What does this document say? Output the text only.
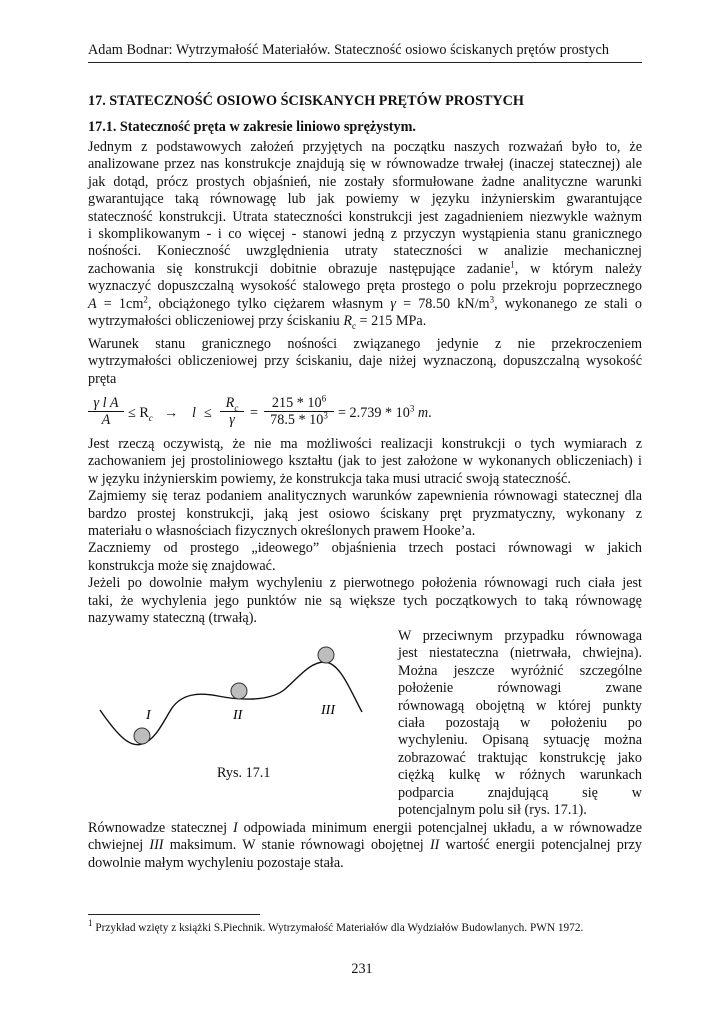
Adam Bodnar: Wytrzymałość Materiałów. Stateczność osiowo ściskanych prętów prostych
17. STATECZNOŚĆ OSIOWO ŚCISKANYCH PRĘTÓW PROSTYCH
17.1. Stateczność pręta w zakresie liniowo sprężystym.
Jednym z podstawowych założeń przyjętych na początku naszych rozważań było to, że
analizowane przez nas konstrukcje znajdują się w równowadze trwałej (inaczej statecznej) ale
jak dotąd, prócz prostych objaśnień, nie zostały sformułowane żadne analityczne warunki
gwarantujące taką równowagę lub jak powiemy w języku inżynierskim gwarantujące
stateczność konstrukcji. Utrata stateczności konstrukcji jest zagadnieniem niezwykle ważnym
i skomplikowanym - i co więcej - stanowi jedną z przyczyn wystąpienia stanu granicznego
nośności. Konieczność uwzględnienia utraty stateczności w analizie mechanicznej
zachowania się konstrukcji dobitnie obrazuje następujące zadanie$^1$, w którym należy
wyznaczyć dopuszczalną wysokość stalowego pręta prostego o polu przekroju poprzecznego
$A = 1cm^2$, obciążonego tylko ciężarem własnym γ = 78.50 $kN/m^3$, wykonanego ze stali o
wytrzymałości obliczeniowej przy ściskaniu $R_c = 215$ MPa.
Warunek stanu granicznego nośności związanego jedynie z nie przekroczeniem
wytrzymałości obliczeniowej przy ściskaniu, daje niżej wyznaczoną, dopuszczalną wysokość
pręta
$\frac{\text{γ l A}}{A} \le R_c \to l \le \frac{R_c}{\gamma} = \frac{215 * 10^6}{78.5 * 10^3} = 2.739 * 10^3$ m.
Jest rzeczą oczywistą, że nie ma możliwości realizacji konstrukcji o tych wymiarach z
zachowaniem jej prostoliniowego kształtu (jak to jest założone w wykonanych obliczeniach) i
w języku inżynierskim powiemy, że konstrukcja taka musi utracić swoją stateczność.
Zajmiemy się teraz podaniem analitycznych warunków zapewnienia równowagi statecznej dla
bardzo prostej konstrukcji, jaką jest osiowo ściskany pręt pryzmatyczny, wykonany z
materiału o własnościach fizycznych określonych prawem Hooke’a.
Zaczniemy od prostego „ideowego” objaśnienia trzech postaci równowagi w jakich
konstrukcja może się znajdować.
Jeżeli po dowolnie małym wychyleniu z pierwotnego położenia równowagi ruch ciała jest
taki, że wychylenia jego punktów nie są większe tych początkowych to taką równowagę
nazywamy stateczną (trwałą).
I	II	III
Rys. 17.1
W przeciwnym przypadku równowaga
jest niestateczna (nietrwała, chwiejna).
Można jeszcze wyróżnić szczególne
położenie równowagi zwane
równowagą obojętną w której punkty
ciała pozostają w położeniu po
wychyleniu. Opisaną sytuację można
zobrazować traktując konstrukcję jako
ciężką kulkę w różnych warunkach
podparcia znajdującą się w
potencjalnym polu sił (rys. 17.1).
Równowadze statecznej I odpowiada minimum energii potencjalnej układu, a w równowadze
chwiejnej III maksimum. W stanie równowagi obojętnej II wartość energii potencjalnej przy
dowolnie małym wychyleniu pozostaje stała.
$^1$ Przykład wzięty z książki S.Piechnik. Wytrzymałość Materiałów dla Wydziałów Budowlanych. PWN 1972.
231
